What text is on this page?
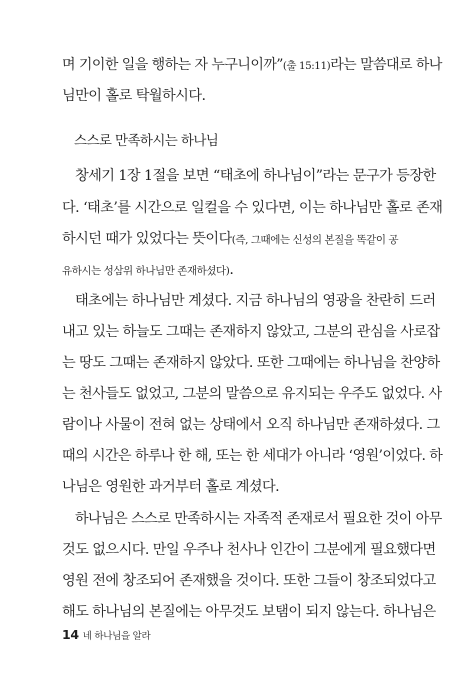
며 기이한 일을 행하는 자 누구니이까”(출 15:11)라는 말씀대로 하나
님만이 홀로 탁월하시다.
스스로 만족하시는 하나님
창세기 1장 1절을 보면 “태초에 하나님이”라는 문구가 등장한
다. ‘태초’를 시간으로 일컬을 수 있다면, 이는 하나님만 홀로 존재
하시던 때가 있었다는 뜻이다(즉, 그때에는 신성의 본질을 똑같이 공
유하시는 성삼위 하나님만 존재하셨다).
태초에는 하나님만 계셨다. 지금 하나님의 영광을 찬란히 드러
내고 있는 하늘도 그때는 존재하지 않았고, 그분의 관심을 사로잡
는 땅도 그때는 존재하지 않았다. 또한 그때에는 하나님을 찬양하
는 천사들도 없었고, 그분의 말씀으로 유지되는 우주도 없었다. 사
람이나 사물이 전혀 없는 상태에서 오직 하나님만 존재하셨다. 그
때의 시간은 하루나 한 해, 또는 한 세대가 아니라 ‘영원’이었다. 하
나님은 영원한 과거부터 홀로 계셨다.
하나님은 스스로 만족하시는 자족적 존재로서 필요한 것이 아무
것도 없으시다. 만일 우주나 천사나 인간이 그분에게 필요했다면
영원 전에 창조되어 존재했을 것이다. 또한 그들이 창조되었다고
해도 하나님의 본질에는 아무것도 보탬이 되지 않는다. 하나님은
14 네 하나님을 알라
